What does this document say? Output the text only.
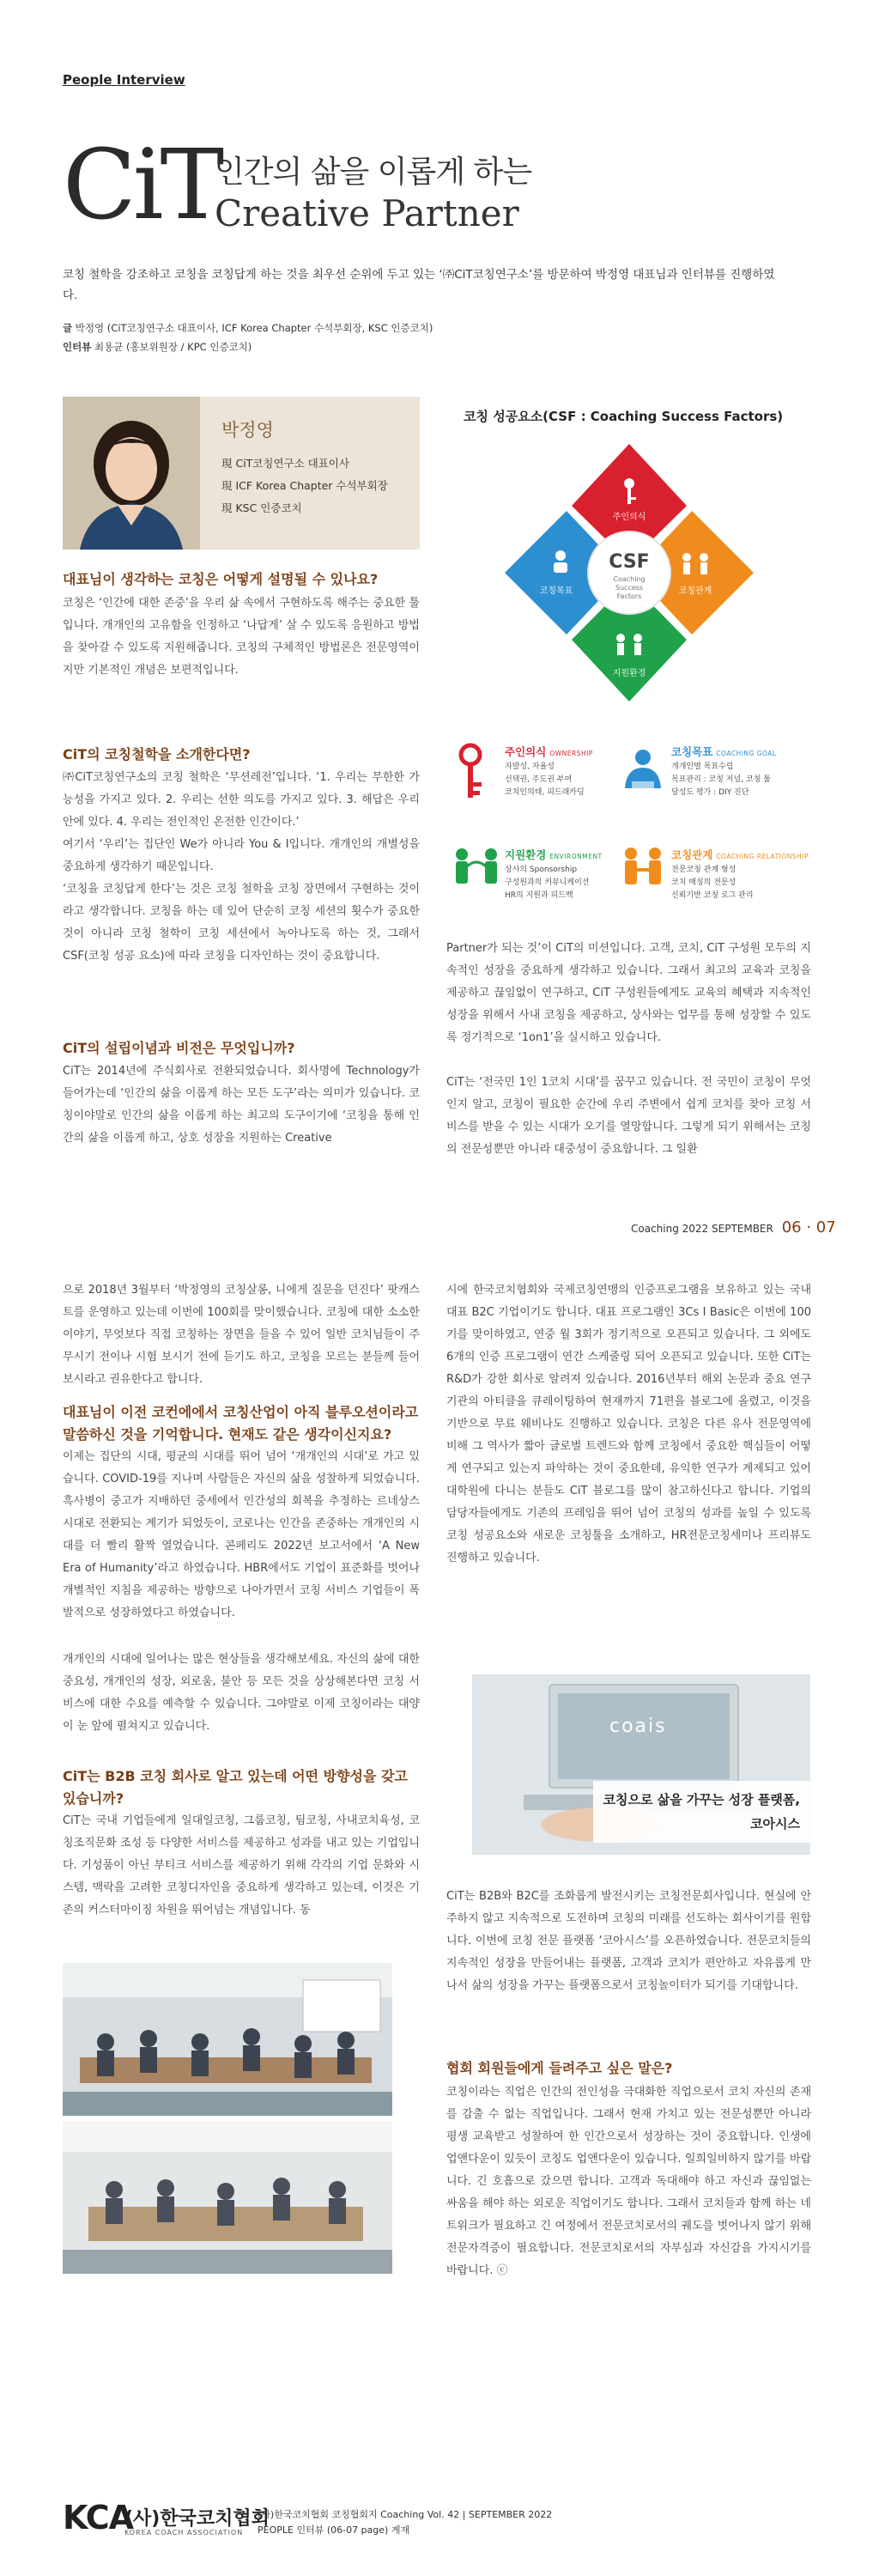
People Interview
CiT
인간의 삶을 이롭게 하는
Creative Partner
코칭 철학을 강조하고 코칭을 코칭답게 하는 것을 최우선 순위에 두고 있는 ‘㈜CiT코칭연구소’를 방문하여 박정영 대표님과 인터뷰를 진행하였다.
글 박정영 (CiT코칭연구소 대표이사, ICF Korea Chapter 수석부회장, KSC 인증코치)
인터뷰 최용균 (홍보위원장 / KPC 인증코치)
박정영
現 CiT코칭연구소 대표이사
現 ICF Korea Chapter 수석부회장
現 KSC 인증코치
대표님이 생각하는 코칭은 어떻게 설명될 수 있나요?
코칭은 ‘인간에 대한 존중’을 우리 삶 속에서 구현하도록 해주는 중요한 툴입니다. 개개인의 고유함을 인정하고 ‘나답게’ 살 수 있도록 응원하고 방법을 찾아갈 수 있도록 지원해줍니다. 코칭의 구체적인 방법론은 전문영역이지만 기본적인 개념은 보편적입니다.
CiT의 코칭철학을 소개한다면?
㈜CiT코칭연구소의 코칭 철학은 ‘무션레전’입니다. ‘1. 우리는 무한한 가능성을 가지고 있다. 2. 우리는 선한 의도를 가지고 있다. 3. 해답은 우리 안에 있다. 4. 우리는 전인적인 온전한 인간이다.’
여기서 ‘우리’는 집단인 We가 아니라 You & I입니다. 개개인의 개별성을 중요하게 생각하기 때문입니다.
‘코칭을 코칭답게 한다’는 것은 코칭 철학을 코칭 장면에서 구현하는 것이라고 생각합니다. 코칭을 하는 데 있어 단순히 코칭 세션의 횟수가 중요한 것이 아니라 코칭 철학이 코칭 세션에서 녹아나도록 하는 것, 그래서 CSF(코칭 성공 요소)에 따라 코칭을 디자인하는 것이 중요합니다.
CiT의 설립이념과 비전은 무엇입니까?
CiT는 2014년에 주식회사로 전환되었습니다. 회사명에 Technology가 들어가는데 ‘인간의 삶을 이롭게 하는 모든 도구’라는 의미가 있습니다. 코칭이야말로 인간의 삶을 이롭게 하는 최고의 도구이기에 ‘코칭을 통해 인간의 삶을 이롭게 하고, 상호 성장을 지원하는 Creative
코칭 성공요소(CSF : Coaching Success Factors)
CSF
Coaching
Success
Factors
주인의식
코칭관계
지원환경
코칭목표
주인의식 OWNERSHIP
자발성, 자율성
선택권, 주도권 부여
코치인의태, 피드래카딩
코칭목표 COACHING GOAL
개개인별 목표수립
목표관리 : 코칭 저널, 코칭 툴
달성도 평가 : DIY 진단
지원환경 ENVIRONMENT
상사의 Sponsorship
구성원과의 커뮤니케이션
HR의 지원과 피드백
코칭관계 COACHING RELATIONSHIP
전문코칭 관계 형성
코치 매칭의 전문성
신뢰기반 코칭 로그 관리
Partner가 되는 것’이 CiT의 미션입니다. 고객, 코치, CiT 구성원 모두의 지속적인 성장을 중요하게 생각하고 있습니다. 그래서 최고의 교육과 코칭을 제공하고 끊임없이 연구하고, CiT 구성원들에게도 교육의 혜택과 지속적인 성장을 위해서 사내 코칭을 제공하고, 상사와는 업무를 통해 성장할 수 있도록 정기적으로 ‘1on1’을 실시하고 있습니다.
CiT는 ‘전국민 1인 1코치 시대’를 꿈꾸고 있습니다. 전 국민이 코칭이 무엇인지 알고, 코칭이 필요한 순간에 우리 주변에서 쉽게 코치를 찾아 코칭 서비스를 받을 수 있는 시대가 오기를 열망합니다. 그렇게 되기 위해서는 코칭의 전문성뿐만 아니라 대중성이 중요합니다. 그 일환
Coaching 2022 SEPTEMBER 06 · 07
으로 2018년 3월부터 ‘박정영의 코칭살롱, 니에게 질문을 던진다’ 팟캐스트를 운영하고 있는데 이번에 100회를 맞이했습니다. 코칭에 대한 소소한 이야기, 무엇보다 직접 코칭하는 장면을 들을 수 있어 일반 코치님들이 주무시기 전이나 시험 보시기 전에 듣기도 하고, 코칭을 모르는 분들께 들어보시라고 권유한다고 합니다.
대표님이 이전 코컨에에서 코칭산업이 아직 블루오션이라고 말씀하신 것을 기억합니다. 현재도 같은 생각이신지요?
이제는 집단의 시대, 평균의 시대를 뛰어 넘어 ‘개개인의 시대’로 가고 있습니다. COVID-19를 지나며 사람들은 자신의 삶을 성찰하게 되었습니다. 흑사병이 중고가 지배하던 중세에서 인간성의 회복을 추정하는 르네상스 시대로 전환되는 계기가 되었듯이, 코로나는 인간을 존중하는 개개인의 시대를 더 빨리 활짝 열었습니다. 콘페리도 2022년 보고서에서 ‘A New Era of Humanity’라고 하였습니다. HBR에서도 기업이 표준화를 벗어나 개별적인 지침을 제공하는 방향으로 나아가면서 코칭 서비스 기업들이 폭발적으로 성장하였다고 하였습니다.
개개인의 시대에 일어나는 많은 현상들을 생각해보세요. 자신의 삶에 대한 중요성, 개개인의 성장, 외로움, 불안 등 모든 것을 상상해본다면 코칭 서비스에 대한 수요를 예측할 수 있습니다. 그야말로 이제 코칭이라는 대양이 눈 앞에 펼쳐지고 있습니다.
CiT는 B2B 코칭 회사로 알고 있는데 어떤 방향성을 갖고 있습니까?
CiT는 국내 기업들에게 일대일코칭, 그룹코칭, 팀코칭, 사내코치육성, 코칭조직문화 조성 등 다양한 서비스를 제공하고 성과를 내고 있는 기업입니다. 기성품이 아닌 부티크 서비스를 제공하기 위해 각각의 기업 문화와 시스템, 맥락을 고려한 코칭디자인을 중요하게 생각하고 있는데, 이것은 기존의 커스터마이징 차원을 뛰어넘는 개념입니다. 동
시에 한국코치협회와 국제코칭연맹의 인증프로그램을 보유하고 있는 국내 대표 B2C 기업이기도 합니다. 대표 프로그램인 3Cs I Basic은 이번에 100기를 맞이하였고, 연중 월 3회가 정기적으로 오픈되고 있습니다. 그 외에도 6개의 인증 프로그램이 연간 스케줄링 되어 오픈되고 있습니다. 또한 CiT는 R&D가 강한 회사로 알려져 있습니다. 2016년부터 해외 논문과 중요 연구기관의 아티클을 큐레이팅하여 현재까지 71편을 블로그에 올렸고, 이것을 기반으로 무료 웨비나도 진행하고 있습니다. 코칭은 다른 유사 전문영역에 비해 그 역사가 짧아 글로벌 트렌드와 함께 코칭에서 중요한 핵심들이 어떻게 연구되고 있는지 파악하는 것이 중요한데, 유익한 연구가 계제되고 있어 대학원에 다니는 분들도 CiT 블로그를 많이 참고하신다고 합니다. 기업의 담당자들에게도 기존의 프레임을 뛰어 넘어 코칭의 성과를 높일 수 있도록 코칭 성공요소와 새로운 코칭툴을 소개하고, HR전문코칭세미나 프리뷰도 진행하고 있습니다.
coais
코칭으로 삶을 가꾸는 성장 플랫폼,
코아시스
CiT는 B2B와 B2C를 조화롭게 발전시키는 코칭전문회사입니다. 현실에 안주하지 않고 지속적으로 도전하며 코칭의 미래를 선도하는 회사이기를 원합니다. 이번에 코칭 전문 플랫폼 ‘코아시스’를 오픈하였습니다. 전문코치들의 지속적인 성장을 만들어내는 플랫폼, 고객과 코치가 편안하고 자유롭게 만나서 삶의 성장을 가꾸는 플랫폼으로서 코칭놀이터가 되기를 기대합니다.
협회 회원들에게 들려주고 싶은 말은?
코칭이라는 직업은 인간의 전인성을 극대화한 직업으로서 코치 자신의 존재를 감출 수 없는 직업입니다. 그래서 현재 가치고 있는 전문성뿐만 아니라 평생 교육받고 성찰하여 한 인간으로서 성장하는 것이 중요합니다. 인생에 업앤다운이 있듯이 코칭도 업앤다운이 있습니다. 일희일비하지 않기를 바랍니다. 긴 호흡으로 갔으면 합니다. 고객과 독대해야 하고 자신과 끊임없는 싸움을 해야 하는 외로운 직업이기도 합니다. 그래서 코치들과 함께 하는 네트워크가 필요하고 긴 여정에서 전문코치로서의 궤도를 벗어나지 않기 위해 전문자격증이 필요합니다. 전문코치로서의 자부심과 자신감을 가지시기를 바랍니다. ⓒ
KCA
(사)한국코치협회
KOREA COACH ASSOCIATION
(사)한국코치협회 코칭협회지 Coaching Vol. 42 | SEPTEMBER 2022
PEOPLE 인터뷰 (06-07 page) 게재
